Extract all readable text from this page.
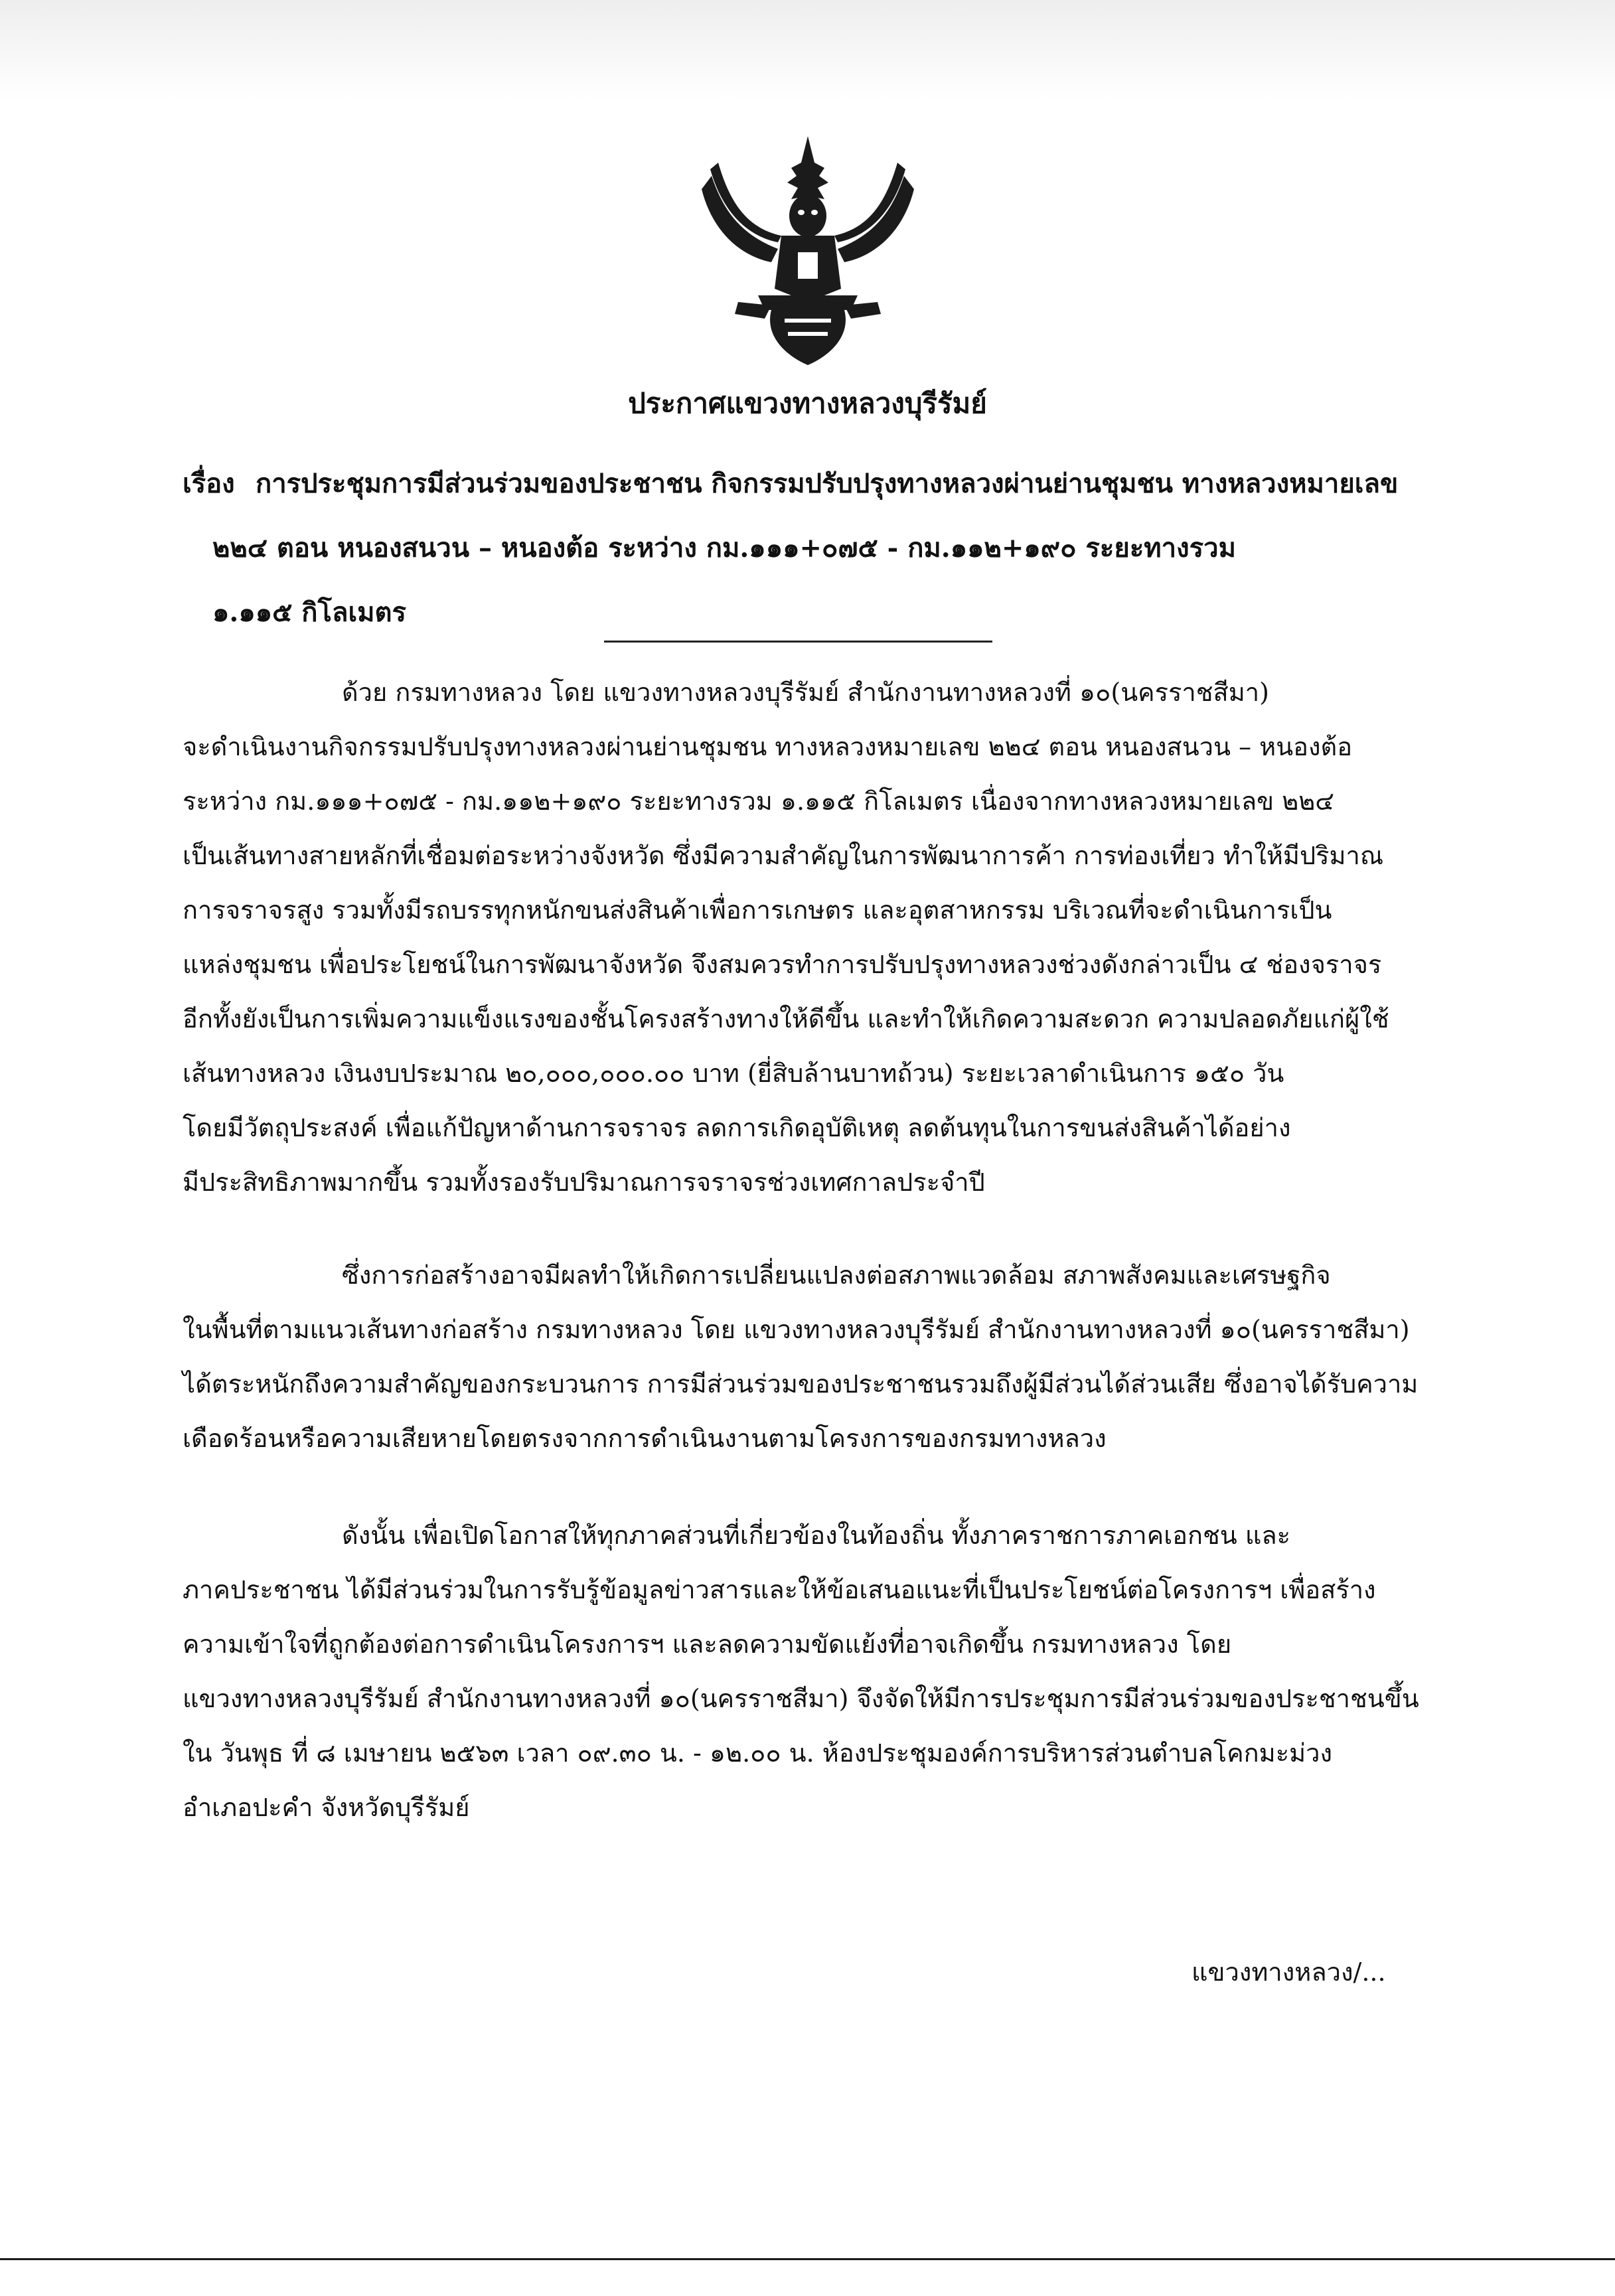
ประกาศแขวงทางหลวงบุรีรัมย์
เรื่อง การประชุมการมีส่วนร่วมของประชาชน กิจกรรมปรับปรุงทางหลวงผ่านย่านชุมชน ทางหลวงหมายเลข
๒๒๔ ตอน หนองสนวน – หนองต้อ ระหว่าง กม.๑๑๑+๐๗๕ - กม.๑๑๒+๑๙๐ ระยะทางรวม
๑.๑๑๕ กิโลเมตร
ด้วย กรมทางหลวง โดย แขวงทางหลวงบุรีรัมย์ สำนักงานทางหลวงที่ ๑๐(นครราชสีมา)
จะดำเนินงานกิจกรรมปรับปรุงทางหลวงผ่านย่านชุมชน ทางหลวงหมายเลข ๒๒๔ ตอน หนองสนวน – หนองต้อ
ระหว่าง กม.๑๑๑+๐๗๕ - กม.๑๑๒+๑๙๐ ระยะทางรวม ๑.๑๑๕ กิโลเมตร เนื่องจากทางหลวงหมายเลข ๒๒๔
เป็นเส้นทางสายหลักที่เชื่อมต่อระหว่างจังหวัด ซึ่งมีความสำคัญในการพัฒนาการค้า การท่องเที่ยว ทำให้มีปริมาณ
การจราจรสูง รวมทั้งมีรถบรรทุกหนักขนส่งสินค้าเพื่อการเกษตร และอุตสาหกรรม บริเวณที่จะดำเนินการเป็น
แหล่งชุมชน เพื่อประโยชน์ในการพัฒนาจังหวัด จึงสมควรทำการปรับปรุงทางหลวงช่วงดังกล่าวเป็น ๔ ช่องจราจร
อีกทั้งยังเป็นการเพิ่มความแข็งแรงของชั้นโครงสร้างทางให้ดีขึ้น และทำให้เกิดความสะดวก ความปลอดภัยแก่ผู้ใช้
เส้นทางหลวง เงินงบประมาณ ๒๐,๐๐๐,๐๐๐.๐๐ บาท (ยี่สิบล้านบาทถ้วน) ระยะเวลาดำเนินการ ๑๕๐ วัน
โดยมีวัตถุประสงค์ เพื่อแก้ปัญหาด้านการจราจร ลดการเกิดอุบัติเหตุ ลดต้นทุนในการขนส่งสินค้าได้อย่าง
มีประสิทธิภาพมากขึ้น รวมทั้งรองรับปริมาณการจราจรช่วงเทศกาลประจำปี
ซึ่งการก่อสร้างอาจมีผลทำให้เกิดการเปลี่ยนแปลงต่อสภาพแวดล้อม สภาพสังคมและเศรษฐกิจ
ในพื้นที่ตามแนวเส้นทางก่อสร้าง กรมทางหลวง โดย แขวงทางหลวงบุรีรัมย์ สำนักงานทางหลวงที่ ๑๐(นครราชสีมา)
ได้ตระหนักถึงความสำคัญของกระบวนการ การมีส่วนร่วมของประชาชนรวมถึงผู้มีส่วนได้ส่วนเสีย ซึ่งอาจได้รับความ
เดือดร้อนหรือความเสียหายโดยตรงจากการดำเนินงานตามโครงการของกรมทางหลวง
ดังนั้น เพื่อเปิดโอกาสให้ทุกภาคส่วนที่เกี่ยวข้องในท้องถิ่น ทั้งภาคราชการภาคเอกชน และ
ภาคประชาชน ได้มีส่วนร่วมในการรับรู้ข้อมูลข่าวสารและให้ข้อเสนอแนะที่เป็นประโยชน์ต่อโครงการฯ เพื่อสร้าง
ความเข้าใจที่ถูกต้องต่อการดำเนินโครงการฯ และลดความขัดแย้งที่อาจเกิดขึ้น กรมทางหลวง โดย
แขวงทางหลวงบุรีรัมย์ สำนักงานทางหลวงที่ ๑๐(นครราชสีมา) จึงจัดให้มีการประชุมการมีส่วนร่วมของประชาชนขึ้น
ใน วันพุธ ที่ ๘ เมษายน ๒๕๖๓ เวลา ๐๙.๓๐ น. - ๑๒.๐๐ น. ห้องประชุมองค์การบริหารส่วนตำบลโคกมะม่วง
อำเภอปะคำ จังหวัดบุรีรัมย์
แขวงทางหลวง/...
